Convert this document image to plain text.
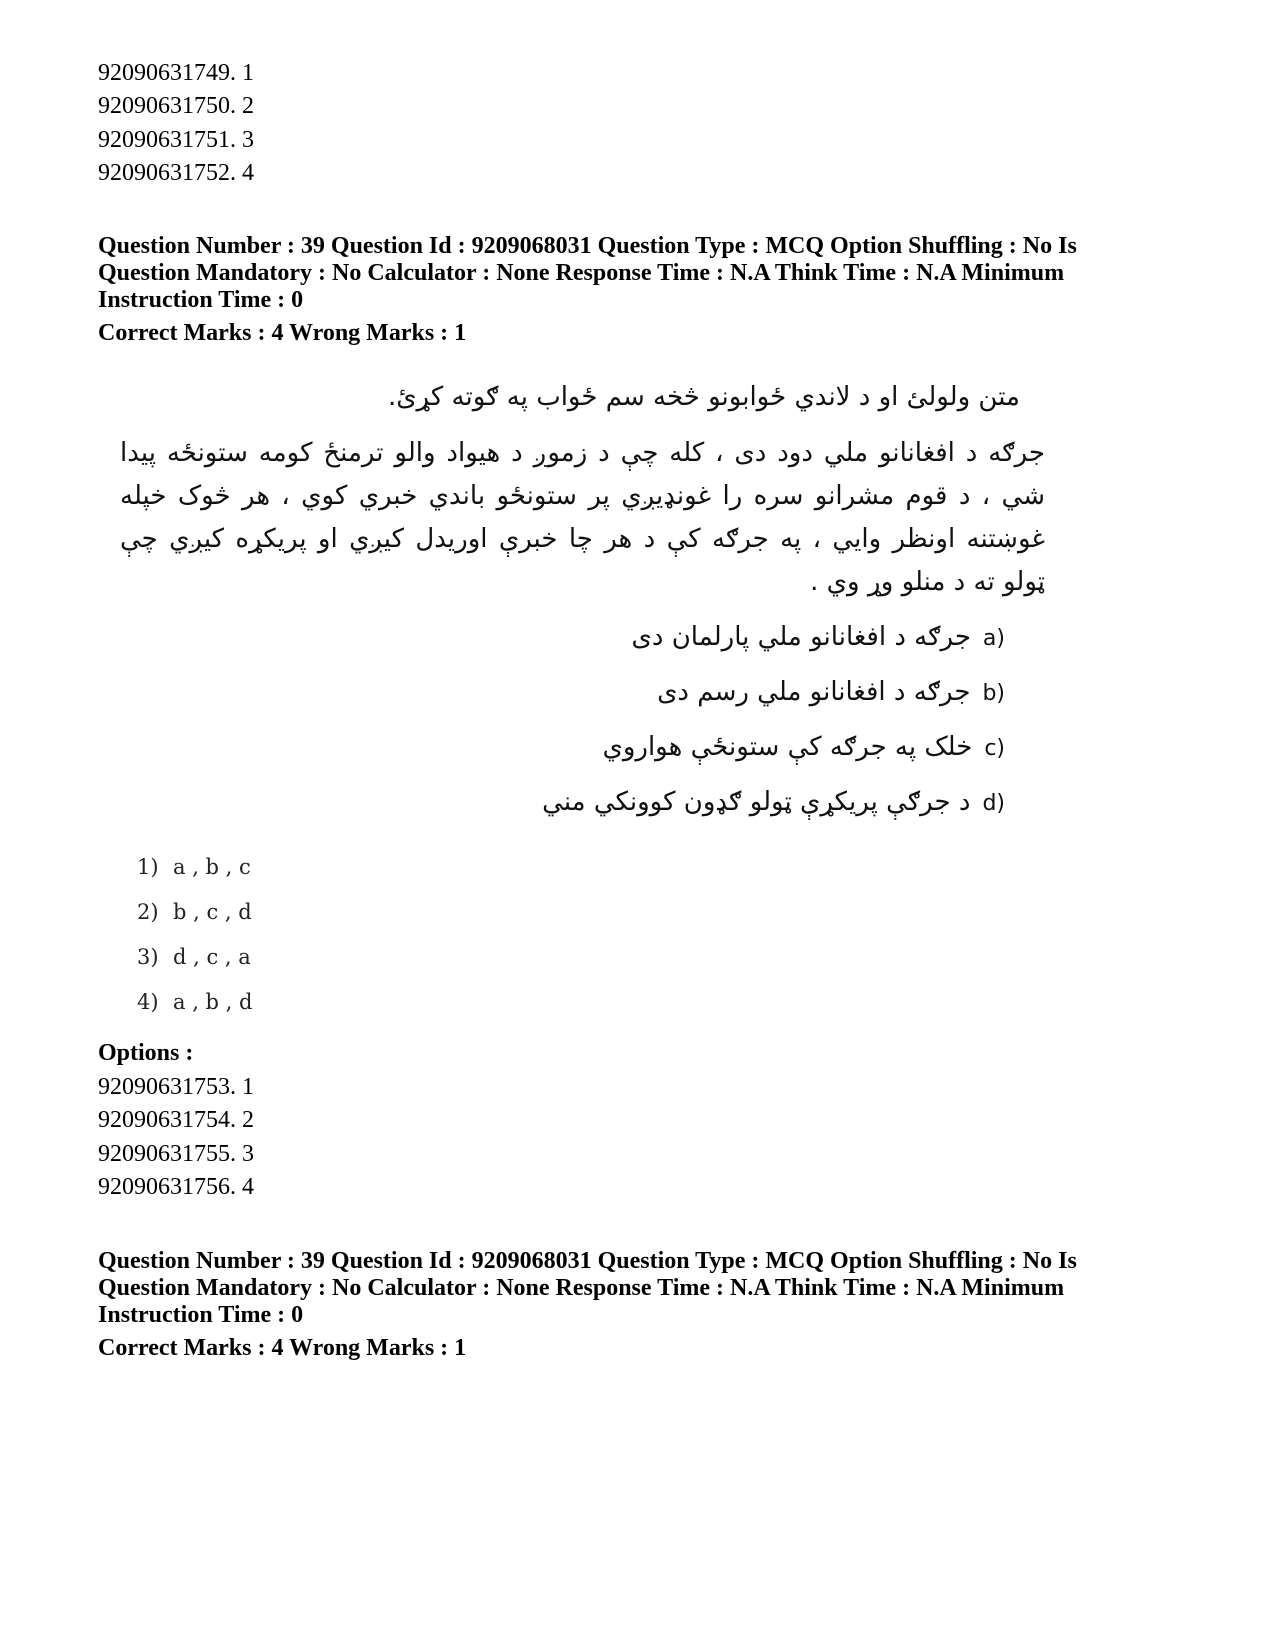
92090631749. 1
92090631750. 2
92090631751. 3
92090631752. 4
Question Number : 39 Question Id : 9209068031 Question Type : MCQ Option Shuffling : No Is
Question Mandatory : No Calculator : None Response Time : N.A Think Time : N.A Minimum
Instruction Time : 0
Correct Marks : 4 Wrong Marks : 1
متن ولولئ او د لاندي ځوابونو څخه سم ځواب په ګوته کړئ.
جرګه د افغانانو ملي دود دی ، کله چې د زموږ د هیواد والو ترمنځ کومه ستونځه پیدا شي ، د قوم مشرانو سره را غونډیږي پر ستونځو باندي خبري کوي ، هر څوک خپله غوښتنه اونظر وايي ، په جرګه کې د هر چا خبرې اوریدل کیږي او پریکړه کیږي چې ټولو ته د منلو وړ وي .
a)
جرګه د افغانانو ملي پارلمان دی
b)
جرګه د افغانانو ملي رسم دی
c)
خلک په جرګه کې ستونځې هواروي
d)
د جرګې پریکړې ټولو ګډون کوونکي مني
1) a , b , c
2) b , c , d
3) d , c , a
4) a , b , d
Options :
92090631753. 1
92090631754. 2
92090631755. 3
92090631756. 4
Question Number : 39 Question Id : 9209068031 Question Type : MCQ Option Shuffling : No Is
Question Mandatory : No Calculator : None Response Time : N.A Think Time : N.A Minimum
Instruction Time : 0
Correct Marks : 4 Wrong Marks : 1
